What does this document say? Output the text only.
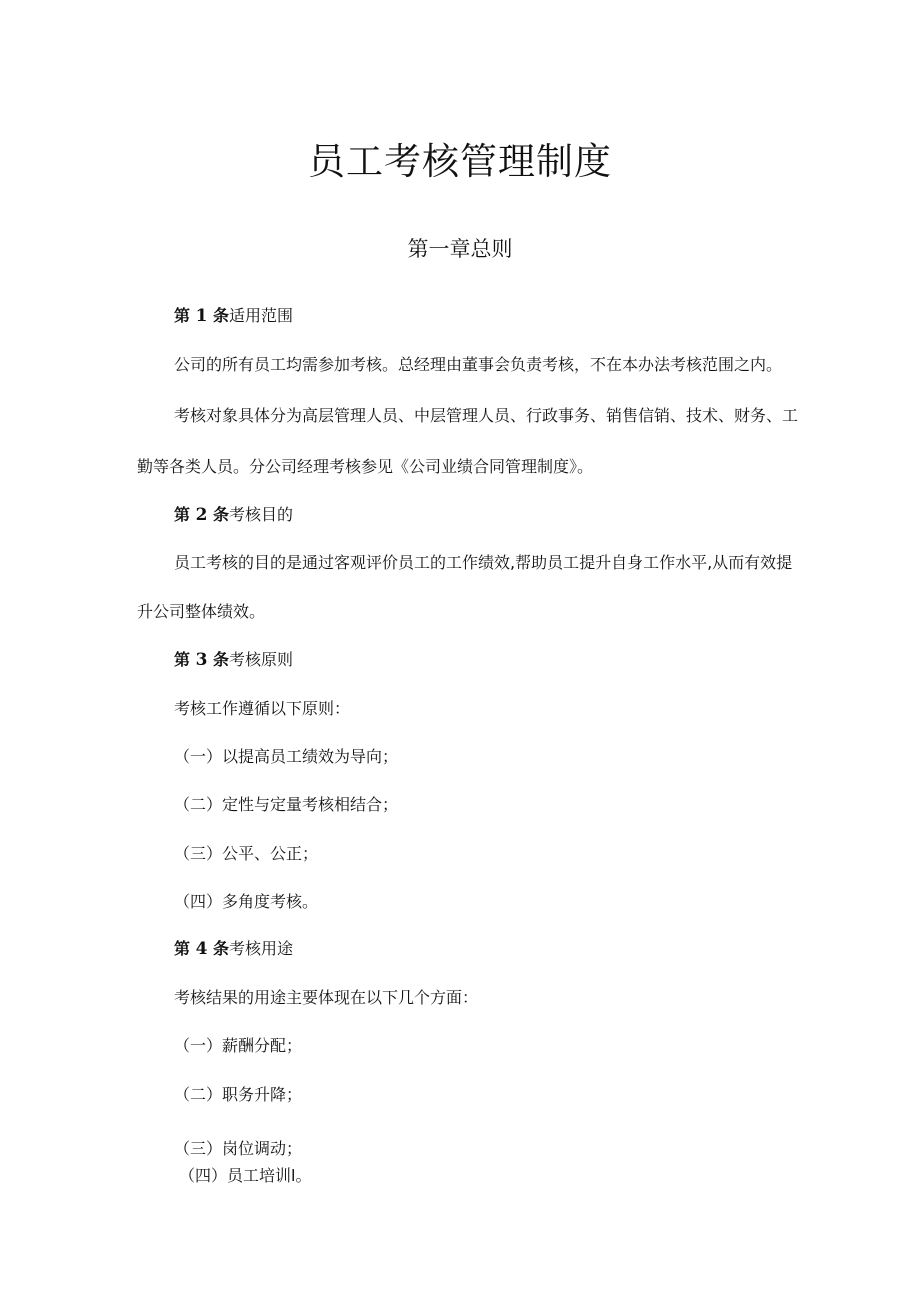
员工考核管理制度
第一章总则
第 1 条适用范围
公司的所有员工均需参加考核。总经理由董事会负责考核，不在本办法考核范围之内。
考核对象具体分为高层管理人员、中层管理人员、行政事务、销售信销、技术、财务、工
勤等各类人员。分公司经理考核参见《公司业绩合同管理制度》。
第 2 条考核目的
员工考核的目的是通过客观评价员工的工作绩效,帮助员工提升自身工作水平,从而有效提
升公司整体绩效。
第 3 条考核原则
考核工作遵循以下原则：
（一）以提高员工绩效为导向；
（二）定性与定量考核相结合；
（三）公平、公正；
（四）多角度考核。
第 4 条考核用途
考核结果的用途主要体现在以下几个方面：
（一）薪酬分配；
（二）职务升降；
（三）岗位调动；
（四）员工培训l。
